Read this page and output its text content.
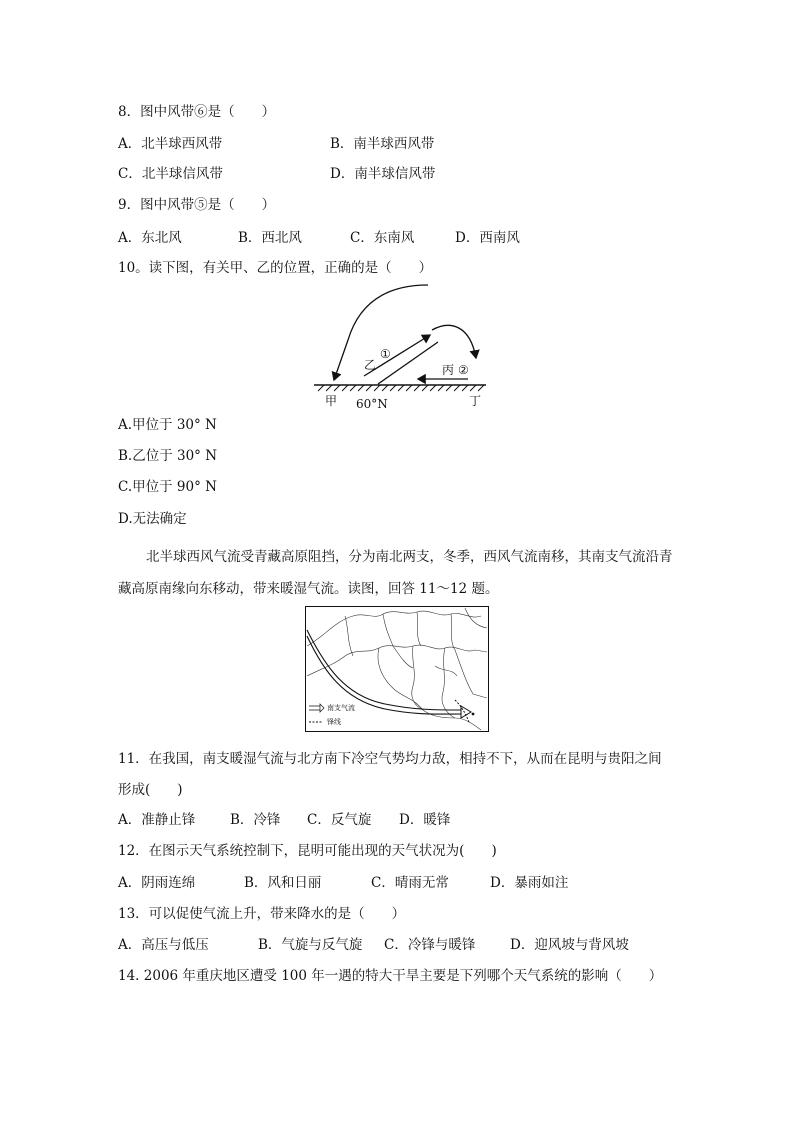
8．图中风带⑥是（　　）
A．北半球西风带	B．南半球西风带
C．北半球信风带	D．南半球信风带
9．图中风带⑤是（　　）
A．东北风	B．西北风	C．东南风	D．西南风
10。读下图，有关甲、乙的位置，正确的是（　　）
乙
①
丙 ②
甲 60°N	丁
A.甲位于 30° N
B.乙位于 30° N
C.甲位于 90° N
D.无法确定
北半球西风气流受青藏高原阻挡，分为南北两支，冬季，西风气流南移，其南支气流沿青藏高原南缘向东移动，带来暖湿气流。读图，回答 11～12 题。
南支气流
锋线
11．在我国，南支暖湿气流与北方南下冷空气势均力敌，相持不下，从而在昆明与贵阳之间
形成(　　)
A．准静止锋	B．冷锋 C．反气旋 D．暖锋
12．在图示天气系统控制下，昆明可能出现的天气状况为(　　)
A．阴雨连绵	B．风和日丽	C．晴雨无常	D．暴雨如注
13．可以促使气流上升，带来降水的是（　　）
A．高压与低压	B．气旋与反气旋 C．冷锋与暖锋	D．迎风坡与背风坡
14. 2006 年重庆地区遭受 100 年一遇的特大干旱主要是下列哪个天气系统的影响（　　）
